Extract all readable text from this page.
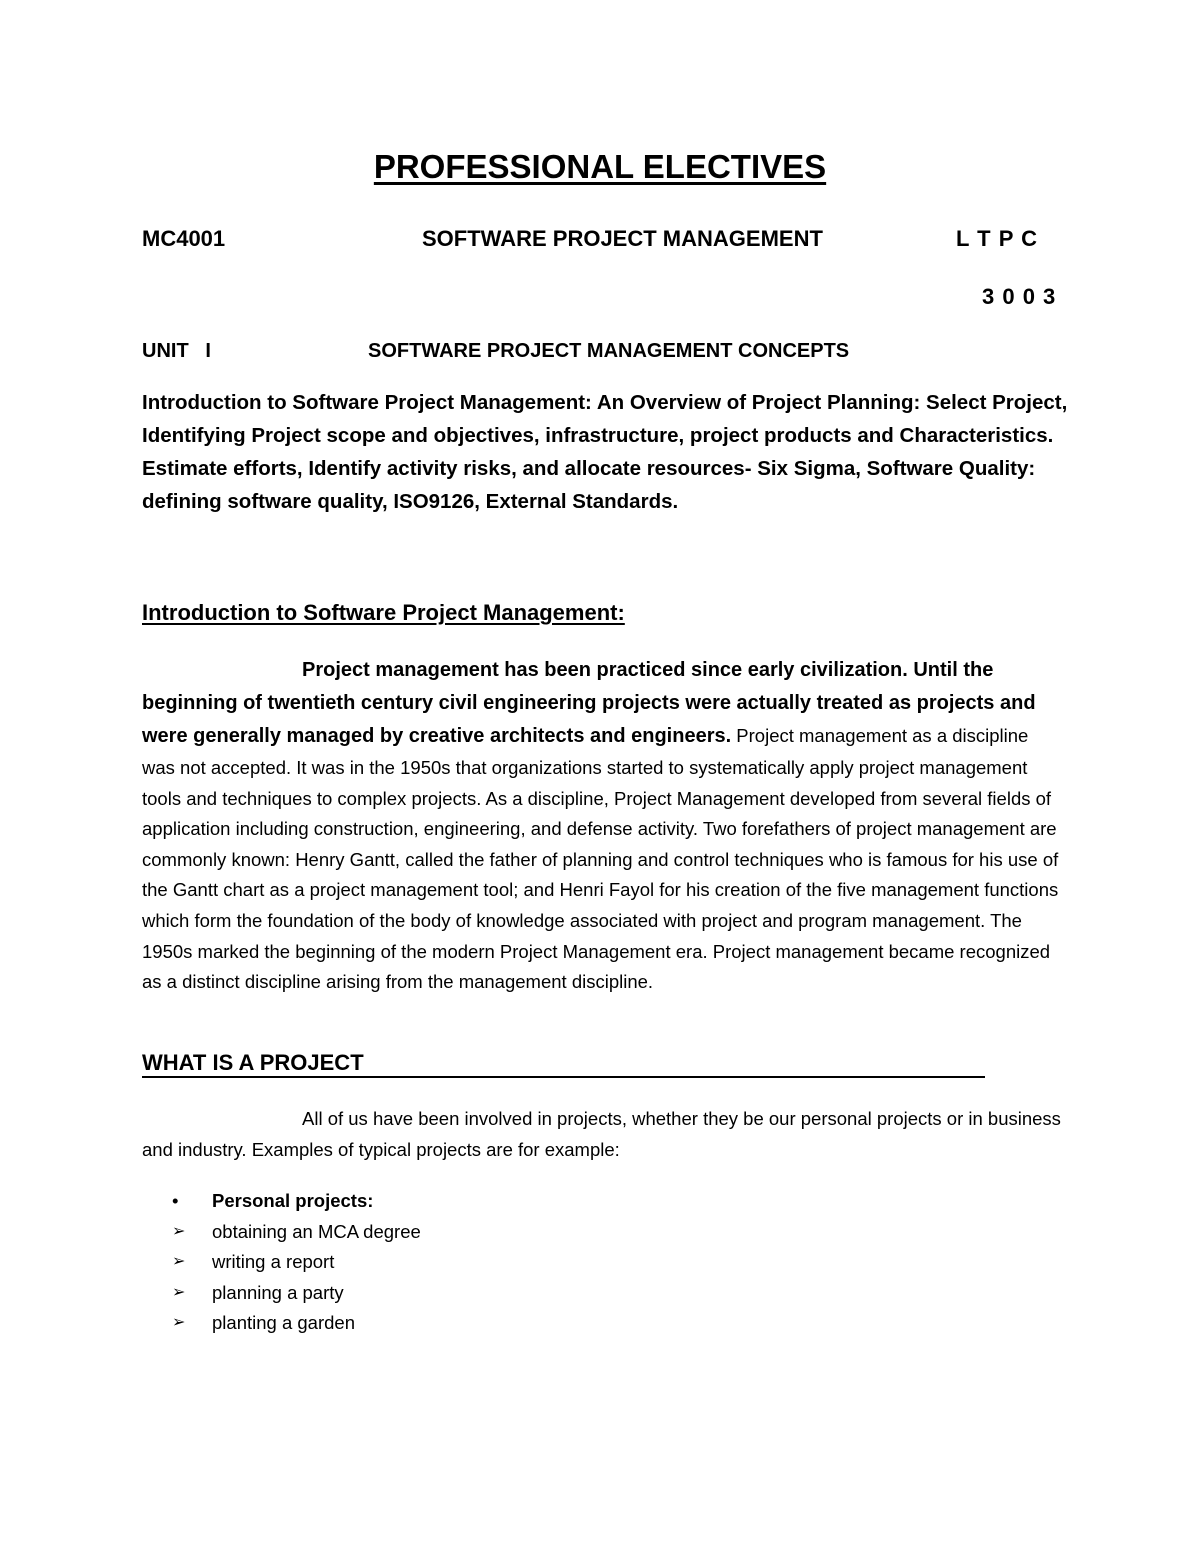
PROFESSIONAL ELECTIVES
MC4001	SOFTWARE PROJECT MANAGEMENT	L T P C
3 0 0 3
UNIT   I	SOFTWARE PROJECT MANAGEMENT CONCEPTS
Introduction to Software Project Management: An Overview of Project Planning: Select Project, Identifying Project scope and objectives, infrastructure, project products and Characteristics. Estimate efforts, Identify activity risks, and allocate resources- Six Sigma, Software Quality: defining software quality, ISO9126, External Standards.
Introduction to Software Project Management:
Project management has been practiced since early civilization. Until the beginning of twentieth century civil engineering projects were actually treated as projects and were generally managed by creative architects and engineers. Project management as a discipline was not accepted. It was in the 1950s that organizations started to systematically apply project management tools and techniques to complex projects. As a discipline, Project Management developed from several fields of application including construction, engineering, and defense activity. Two forefathers of project management are commonly known: Henry Gantt, called the father of planning and control techniques who is famous for his use of the Gantt chart as a project management tool; and Henri Fayol for his creation of the five management functions which form the foundation of the body of knowledge associated with project and program management. The 1950s marked the beginning of the modern Project Management era. Project management became recognized as a distinct discipline arising from the management discipline.
WHAT IS A PROJECT
All of us have been involved in projects, whether they be our personal projects or in business and industry. Examples of typical projects are for example:
•	Personal projects:
➢	obtaining an MCA degree
➢	writing a report
➢	planning a party
➢	planting a garden
